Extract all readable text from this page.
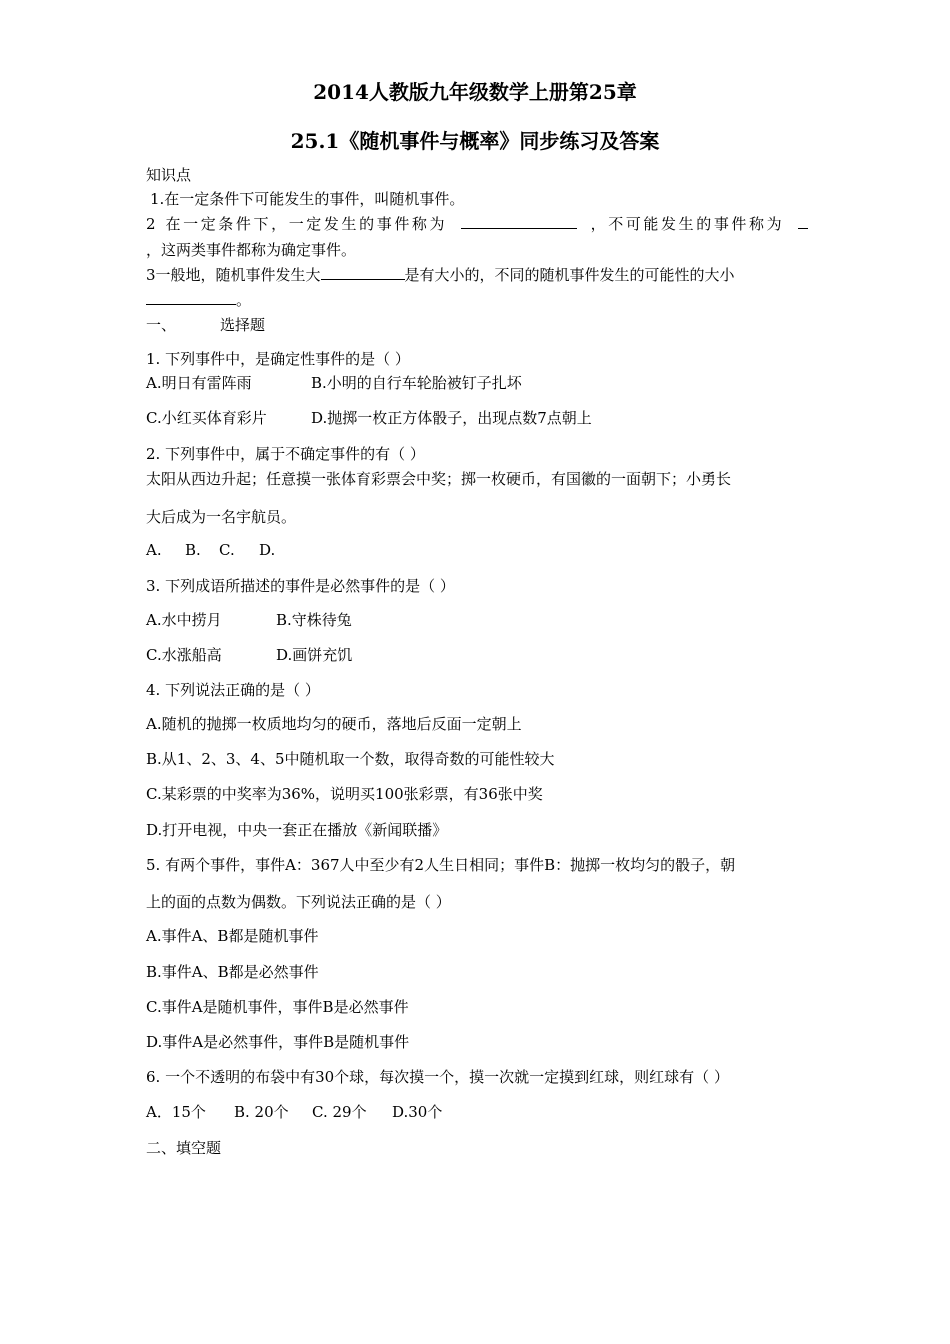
2014人教版九年级数学上册第25章
25.1《随机事件与概率》同步练习及答案
知识点
1.在一定条件下可能发生的事件，叫随机事件。
2 在一定条件下，一定发生的事件称为	，不可能发生的事件称为
，这两类事件都称为确定事件。
3一般地，随机事件发生大	是有大小的，不同的随机事件发生的可能性的大小
。
一、	选择题
1. 下列事件中，是确定性事件的是（ ）
A.明日有雷阵雨	B.小明的自行车轮胎被钉子扎坏
C.小红买体育彩片	D.抛掷一枚正方体骰子，出现点数7点朝上
2. 下列事件中，属于不确定事件的有（ ）
太阳从西边升起；任意摸一张体育彩票会中奖；掷一枚硬币，有国徽的一面朝下；小勇长
大后成为一名宇航员。
A. B. C. D.
3. 下列成语所描述的事件是必然事件的是（ ）
A.水中捞月	B.守株待兔
C.水涨船高	D.画饼充饥
4. 下列说法正确的是（ ）
A.随机的抛掷一枚质地均匀的硬币，落地后反面一定朝上
B.从1、2、3、4、5中随机取一个数，取得奇数的可能性较大
C.某彩票的中奖率为36%，说明买100张彩票，有36张中奖
D.打开电视，中央一套正在播放《新闻联播》
5. 有两个事件，事件A：367人中至少有2人生日相同；事件B：抛掷一枚均匀的骰子，朝
上的面的点数为偶数。下列说法正确的是（ ）
A.事件A、B都是随机事件
B.事件A、B都是必然事件
C.事件A是随机事件，事件B是必然事件
D.事件A是必然事件，事件B是随机事件
6. 一个不透明的布袋中有30个球，每次摸一个，摸一次就一定摸到红球，则红球有（ ）
A．15个 B. 20个 C. 29个 D.30个
二、填空题
